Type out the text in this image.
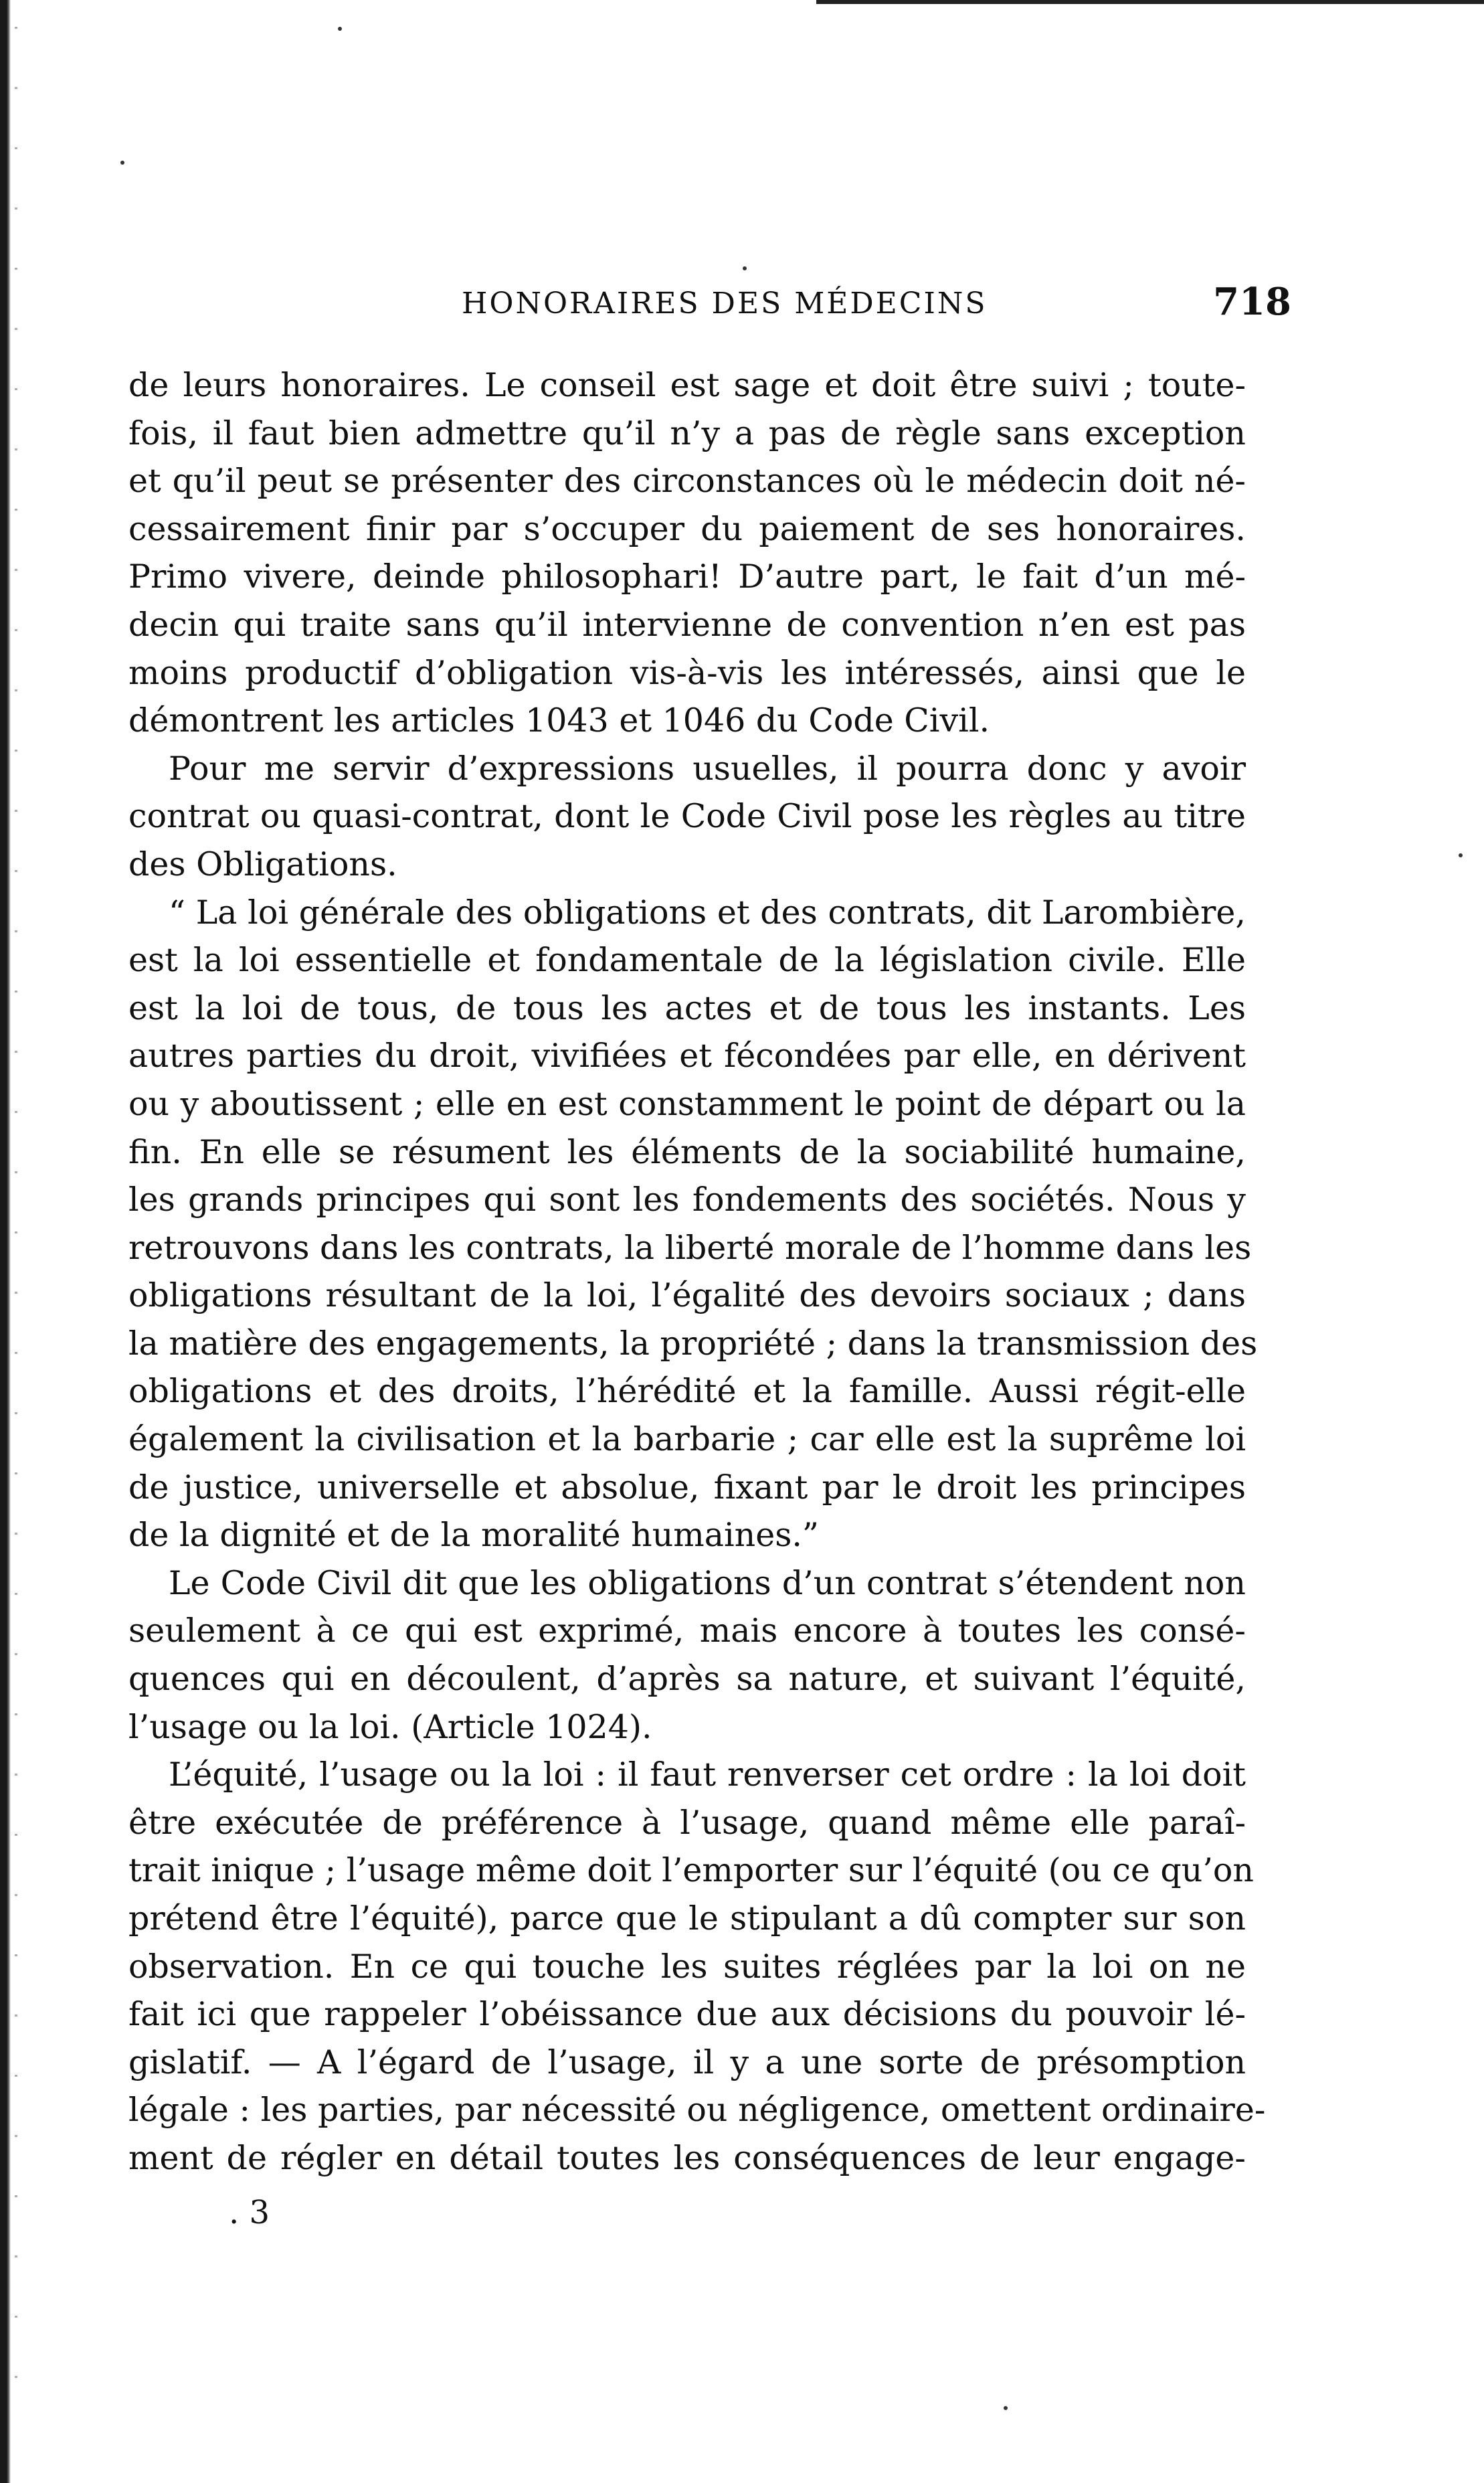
HONORAIRES DES MÉDECINS	718
de leurs honoraires. Le conseil est sage et doit être suivi ; toute-
fois, il faut bien admettre qu’il n’y a pas de règle sans exception
et qu’il peut se présenter des circonstances où le médecin doit né-
cessairement finir par s’occuper du paiement de ses honoraires.
Primo vivere, deinde philosophari! D’autre part, le fait d’un mé-
decin qui traite sans qu’il intervienne de convention n’en est pas
moins productif d’obligation vis-à-vis les intéressés, ainsi que le
démontrent les articles 1043 et 1046 du Code Civil.
Pour me servir d’expressions usuelles, il pourra donc y avoir
contrat ou quasi-contrat, dont le Code Civil pose les règles au titre
des Obligations.
“ La loi générale des obligations et des contrats, dit Larombière,
est la loi essentielle et fondamentale de la législation civile. Elle
est la loi de tous, de tous les actes et de tous les instants. Les
autres parties du droit, vivifiées et fécondées par elle, en dérivent
ou y aboutissent ; elle en est constamment le point de départ ou la
fin. En elle se résument les éléments de la sociabilité humaine,
les grands principes qui sont les fondements des sociétés. Nous y
retrouvons dans les contrats, la liberté morale de l’homme dans les
obligations résultant de la loi, l’égalité des devoirs sociaux ; dans
la matière des engagements, la propriété ; dans la transmission des
obligations et des droits, l’hérédité et la famille. Aussi régit-elle
également la civilisation et la barbarie ; car elle est la suprême loi
de justice, universelle et absolue, fixant par le droit les principes
de la dignité et de la moralité humaines.”
Le Code Civil dit que les obligations d’un contrat s’étendent non
seulement à ce qui est exprimé, mais encore à toutes les consé-
quences qui en découlent, d’après sa nature, et suivant l’équité,
l’usage ou la loi. (Article 1024).
L’équité, l’usage ou la loi : il faut renverser cet ordre : la loi doit
être exécutée de préférence à l’usage, quand même elle paraî-
trait inique ; l’usage même doit l’emporter sur l’équité (ou ce qu’on
prétend être l’équité), parce que le stipulant a dû compter sur son
observation. En ce qui touche les suites réglées par la loi on ne
fait ici que rappeler l’obéissance due aux décisions du pouvoir lé-
gislatif. — A l’égard de l’usage, il y a une sorte de présomption
légale : les parties, par nécessité ou négligence, omettent ordinaire-
ment de régler en détail toutes les conséquences de leur engage-
. 3
